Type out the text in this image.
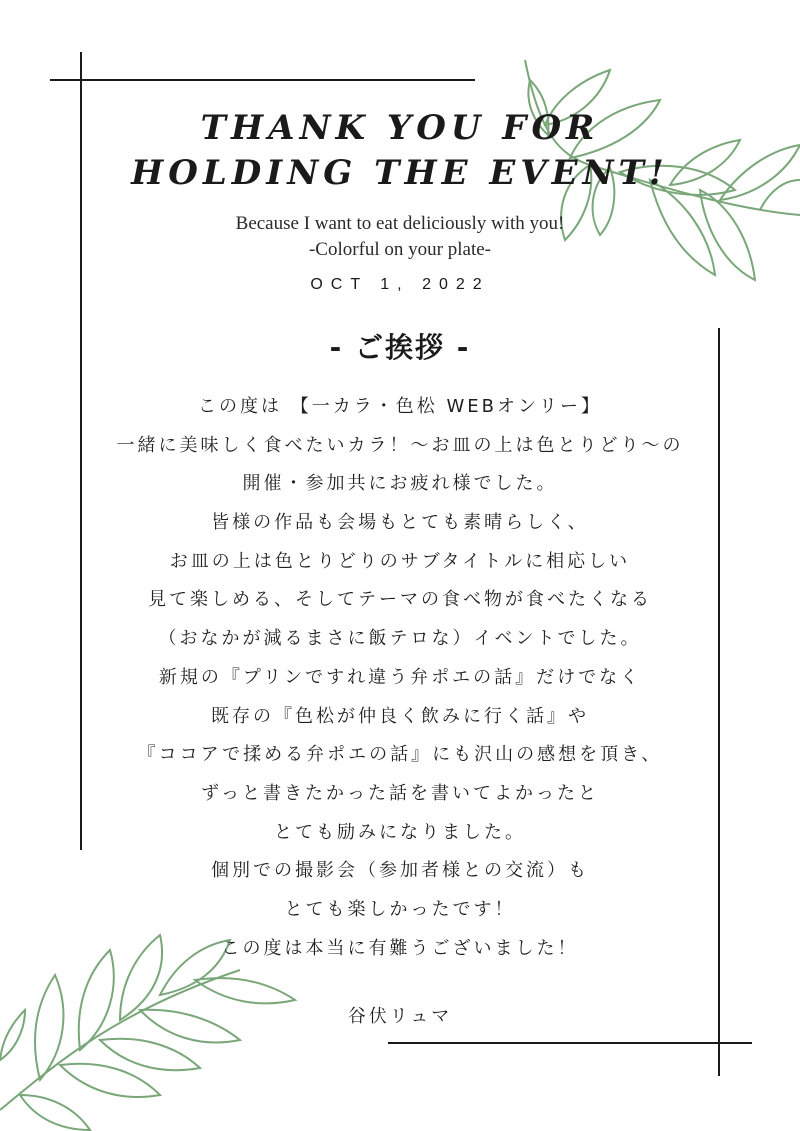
THANK YOU FOR
HOLDING THE EVENT!
Because I want to eat deliciously with you!
-Colorful on your plate-
OCT 1, 2022
- ご挨拶 -
この度は 【一カラ・色松 WEBオンリー】
一緒に美味しく食べたいカラ！～お皿の上は色とりどり～の
開催・参加共にお疲れ様でした。
皆様の作品も会場もとても素晴らしく、
お皿の上は色とりどりのサブタイトルに相応しい
見て楽しめる、そしてテーマの食べ物が食べたくなる
（おなかが減るまさに飯テロな）イベントでした。
新規の『プリンですれ違う弁ポエの話』だけでなく
既存の『色松が仲良く飲みに行く話』や
『ココアで揉める弁ポエの話』にも沢山の感想を頂き、
ずっと書きたかった話を書いてよかったと
とても励みになりました。
個別での撮影会（参加者様との交流）も
とても楽しかったです！
この度は本当に有難うございました！
谷伏リュマ
